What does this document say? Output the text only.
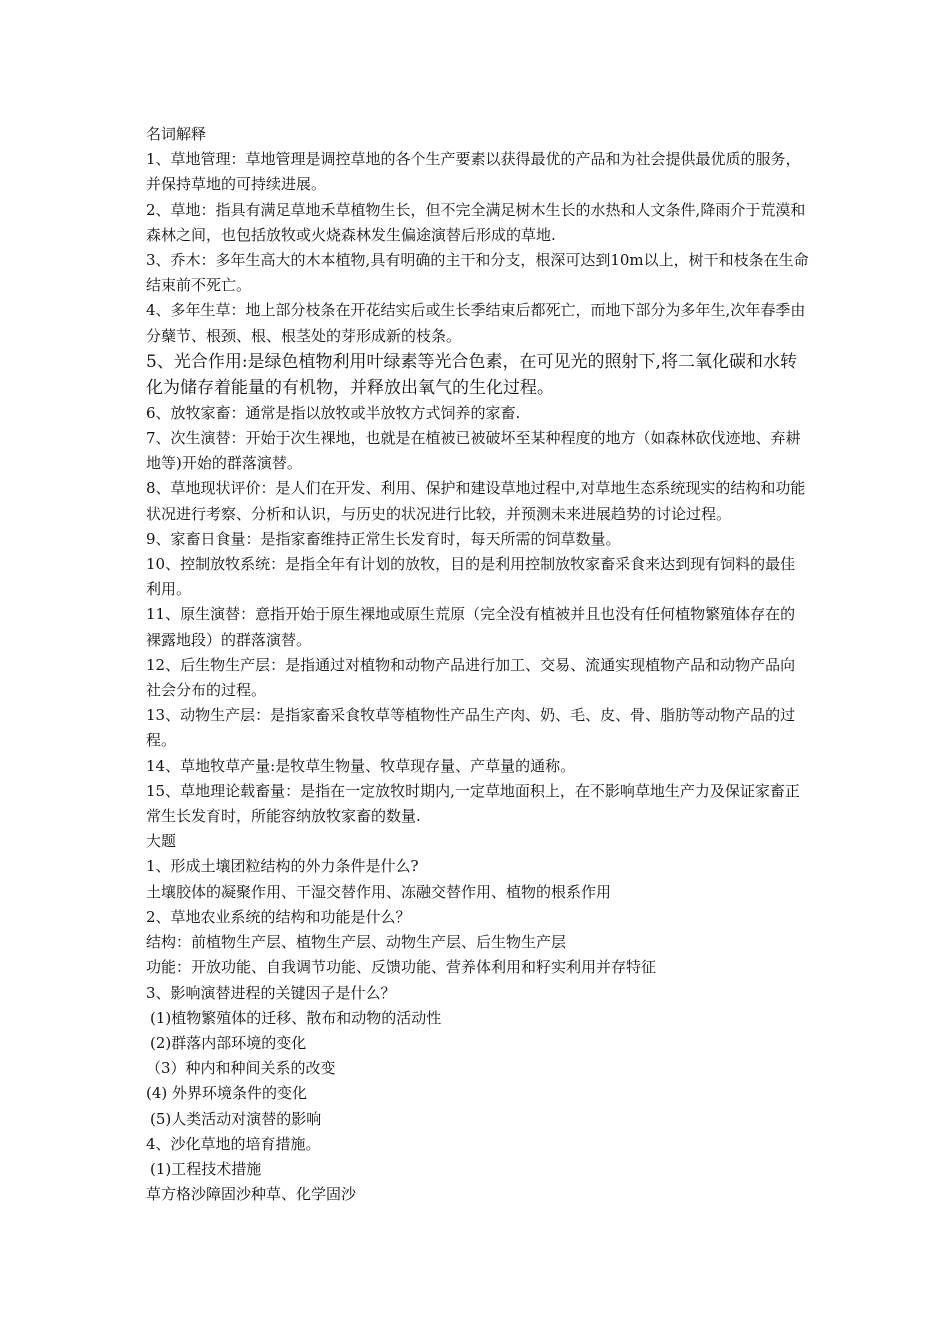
名词解释

1、草地管理：草地管理是调控草地的各个生产要素以获得最优的产品和为社会提供最优质的服务，并保持草地的可持续进展。

2、草地：指具有满足草地禾草植物生长，但不完全满足树木生长的水热和人文条件,降雨介于荒漠和森林之间，也包括放牧或火烧森林发生偏途演替后形成的草地.

3、乔木：多年生高大的木本植物,具有明确的主干和分支，根深可达到10m以上，树干和枝条在生命结束前不死亡。

4、多年生草：地上部分枝条在开花结实后或生长季结束后都死亡，而地下部分为多年生,次年春季由分蘖节、根颈、根、根茎处的芽形成新的枝条。

5、光合作用:是绿色植物利用叶绿素等光合色素，在可见光的照射下,将二氧化碳和水转化为储存着能量的有机物，并释放出氧气的生化过程。

6、放牧家畜：通常是指以放牧或半放牧方式饲养的家畜.

7、次生演替：开始于次生裸地，也就是在植被已被破坏至某种程度的地方（如森林砍伐迹地、弃耕地等)开始的群落演替。

8、草地现状评价：是人们在开发、利用、保护和建设草地过程中,对草地生态系统现实的结构和功能状况进行考察、分析和认识，与历史的状况进行比较，并预测未来进展趋势的讨论过程。

9、家畜日食量：是指家畜维持正常生长发育时，每天所需的饲草数量。

10、控制放牧系统：是指全年有计划的放牧，目的是利用控制放牧家畜采食来达到现有饲料的最佳利用。

11、原生演替：意指开始于原生裸地或原生荒原（完全没有植被并且也没有任何植物繁殖体存在的裸露地段）的群落演替。

12、后生物生产层：是指通过对植物和动物产品进行加工、交易、流通实现植物产品和动物产品向社会分布的过程。

13、动物生产层：是指家畜采食牧草等植物性产品生产肉、奶、毛、皮、骨、脂肪等动物产品的过程。

14、草地牧草产量:是牧草生物量、牧草现存量、产草量的通称。

15、草地理论载畜量：是指在一定放牧时期内,一定草地面积上，在不影响草地生产力及保证家畜正常生长发育时，所能容纳放牧家畜的数量.

大题

1、形成土壤团粒结构的外力条件是什么?

土壤胶体的凝聚作用、干湿交替作用、冻融交替作用、植物的根系作用

2、草地农业系统的结构和功能是什么？

结构：前植物生产层、植物生产层、动物生产层、后生物生产层

功能：开放功能、自我调节功能、反馈功能、营养体利用和籽实利用并存特征

3、影响演替进程的关键因子是什么？

(1)植物繁殖体的迁移、散布和动物的活动性

(2)群落内部环境的变化

（3）种内和种间关系的改变

(4) 外界环境条件的变化

(5)人类活动对演替的影响

4、沙化草地的培育措施。

(1)工程技术措施

草方格沙障固沙种草、化学固沙
